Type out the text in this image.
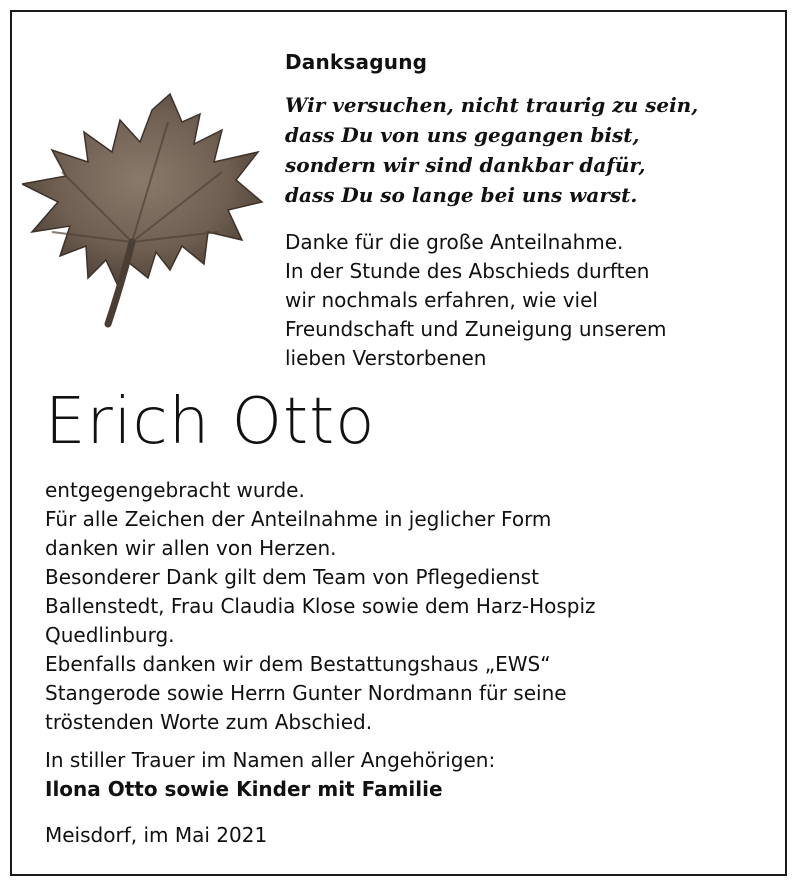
Danksagung
Wir versuchen, nicht traurig zu sein,
dass Du von uns gegangen bist,
sondern wir sind dankbar dafür,
dass Du so lange bei uns warst.
Danke für die große Anteilnahme.
In der Stunde des Abschieds durften
wir nochmals erfahren, wie viel
Freundschaft und Zuneigung unserem
lieben Verstorbenen
Erich Otto
entgegengebracht wurde.
Für alle Zeichen der Anteilnahme in jeglicher Form
danken wir allen von Herzen.
Besonderer Dank gilt dem Team von Pflegedienst
Ballenstedt, Frau Claudia Klose sowie dem Harz-Hospiz
Quedlinburg.
Ebenfalls danken wir dem Bestattungshaus „EWS“
Stangerode sowie Herrn Gunter Nordmann für seine
tröstenden Worte zum Abschied.
In stiller Trauer im Namen aller Angehörigen:
Ilona Otto sowie Kinder mit Familie
Meisdorf, im Mai 2021
